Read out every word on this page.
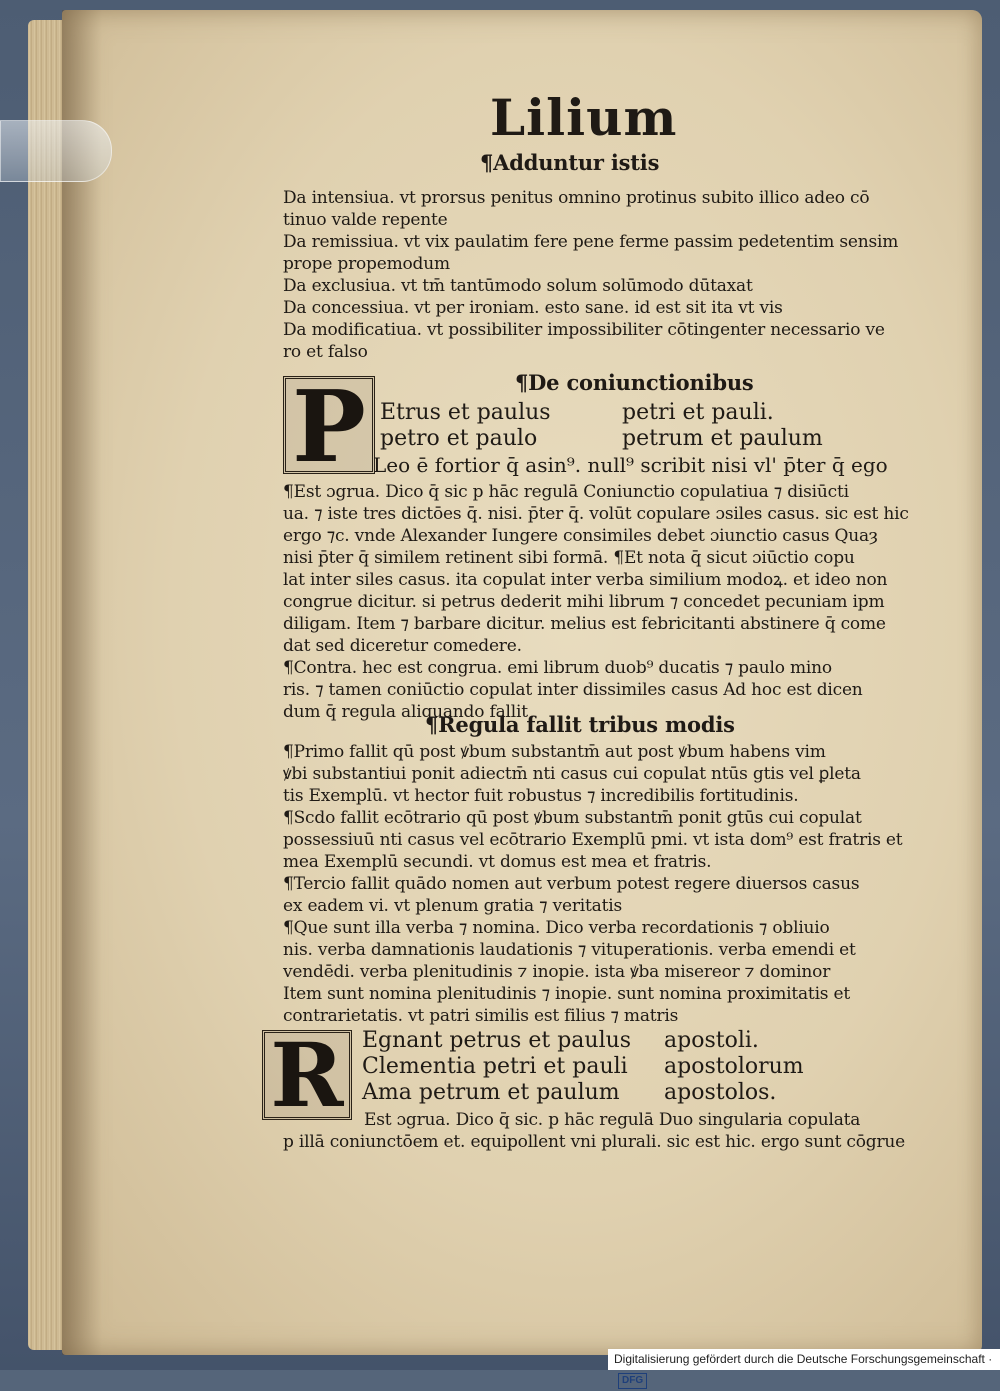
Lilium
¶Adduntur istis
Da intensiua. vt prorsus penitus omnino protinus subito illico adeo cō
tinuo valde repente
Da remissiua. vt vix paulatim fere pene ferme passim pedetentim sensim
prope propemodum
Da exclusiua. vt tm̄ tantūmodo solum solūmodo dūtaxat
Da concessiua. vt per ironiam. esto sane. id est sit ita vt vis
Da modificatiua. vt possibiliter impossibiliter cōtingenter necessario ve
ro et falso
¶De coniunctionibus
P Etrus et paulus	petri et pauli.
petro et paulo	petrum et paulum
Leo ē fortior q̄ asin⁹. null⁹ scribit nisi vl' p̄ter q̄ ego
¶Est ɔgrua. Dico q̄ sic p hāc regulā Coniunctio copulatiua ⁊ disiūcti
ua. ⁊ iste tres dictōes q̄. nisi. p̄ter q̄. volūt copulare ɔsiles casus. sic est hic
ergo ⁊c. vnde Alexander Iungere consimiles debet ɔiunctio casus Quaȝ
nisi p̄ter q̄ similem retinent sibi formā. ¶Et nota q̄ sicut ɔiūctio copu
lat inter siles casus. ita copulat inter verba similium modoꝝ. et ideo non
congrue dicitur. si petrus dederit mihi librum ⁊ concedet pecuniam ipm
diligam. Item ⁊ barbare dicitur. melius est febricitanti abstinere q̄ come
dat sed diceretur comedere.
¶Contra. hec est congrua. emi librum duob⁹ ducatis ⁊ paulo mino
ris. ⁊ tamen coniūctio copulat inter dissimiles casus Ad hoc est dicen
dum q̄ regula aliquando fallit
¶Regula fallit tribus modis
¶Primo fallit qū post ꝟbum substantm̄ aut post ꝟbum habens vim
ꝟbi substantiui ponit adiectm̄ nti casus cui copulat ntūs gtis vel ꝑleta
tis Exemplū. vt hector fuit robustus ⁊ incredibilis fortitudinis.
¶Scdo fallit ecōtrario qū post ꝟbum substantm̄ ponit gtūs cui copulat
possessiuū nti casus vel ecōtrario Exemplū pmi. vt ista dom⁹ est fratris et
mea Exemplū secundi. vt domus est mea et fratris.
¶Tercio fallit quādo nomen aut verbum potest regere diuersos casus
ex eadem vi. vt plenum gratia ⁊ veritatis
¶Que sunt illa verba ⁊ nomina. Dico verba recordationis ⁊ obliuio
nis. verba damnationis laudationis ⁊ vituperationis. verba emendi et
vendēdi. verba plenitudinis ⁊ inopie. ista ꝟba misereor ⁊ dominor
Item sunt nomina plenitudinis ⁊ inopie. sunt nomina proximitatis et
contrarietatis. vt patri similis est filius ⁊ matris
R Egnant petrus et paulus apostoli.
Clementia petri et pauli apostolorum
Ama petrum et paulum apostolos.
Est ɔgrua. Dico q̄ sic. p hāc regulā Duo singularia copulata
p illā coniunctōem et. equipollent vni plurali. sic est hic. ergo sunt cōgrue
Digitalisierung gefördert durch die Deutsche Forschungsgemeinschaft · DFG
